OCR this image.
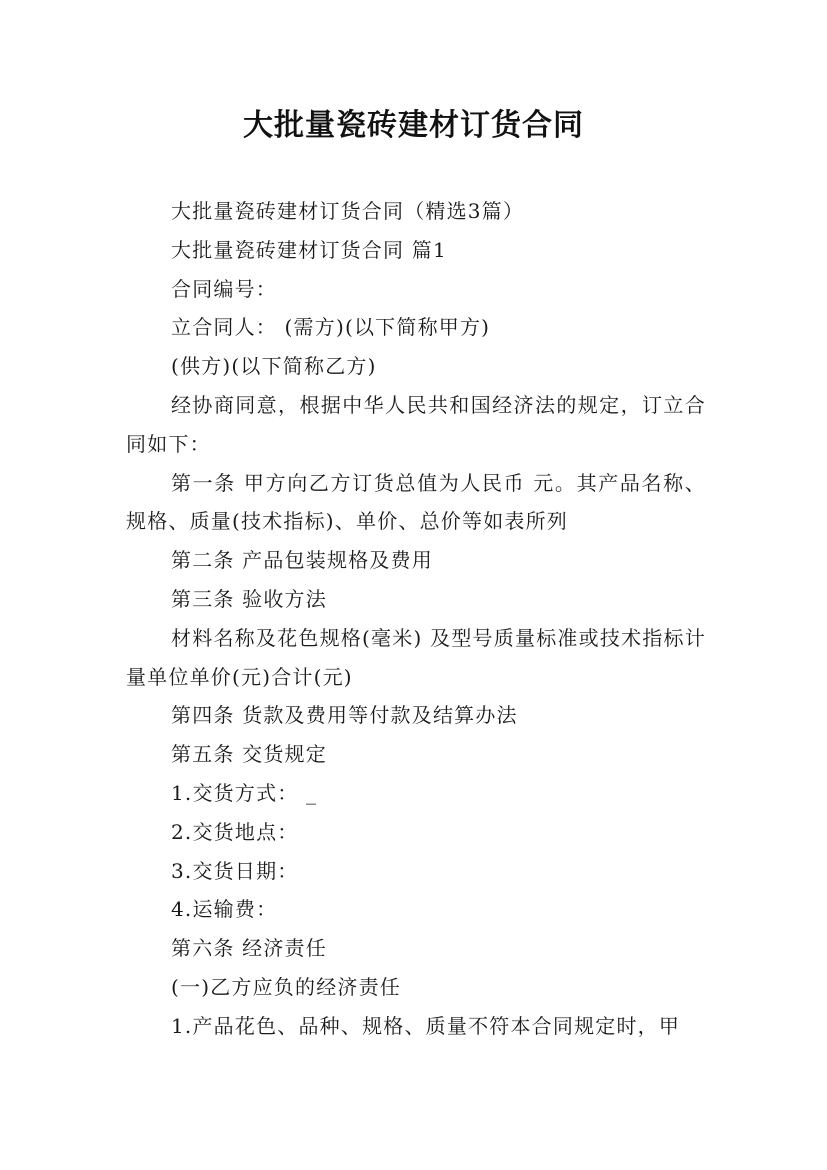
大批量瓷砖建材订货合同

大批量瓷砖建材订货合同（精选3篇）

大批量瓷砖建材订货合同 篇1

合同编号：

立合同人： (需方)(以下简称甲方)

(供方)(以下简称乙方)

经协商同意，根据中华人民共和国经济法的规定，订立合同如下：

第一条 甲方向乙方订货总值为人民币 元。其产品名称、规格、质量(技术指标)、单价、总价等如表所列

第二条 产品包装规格及费用

第三条 验收方法

材料名称及花色规格(毫米) 及型号质量标准或技术指标计量单位单价(元)合计(元)

第四条 货款及费用等付款及结算办法

第五条 交货规定

1.交货方式： _

2.交货地点：

3.交货日期：

4.运输费：

第六条 经济责任

(一)乙方应负的经济责任

1.产品花色、品种、规格、质量不符本合同规定时，甲
